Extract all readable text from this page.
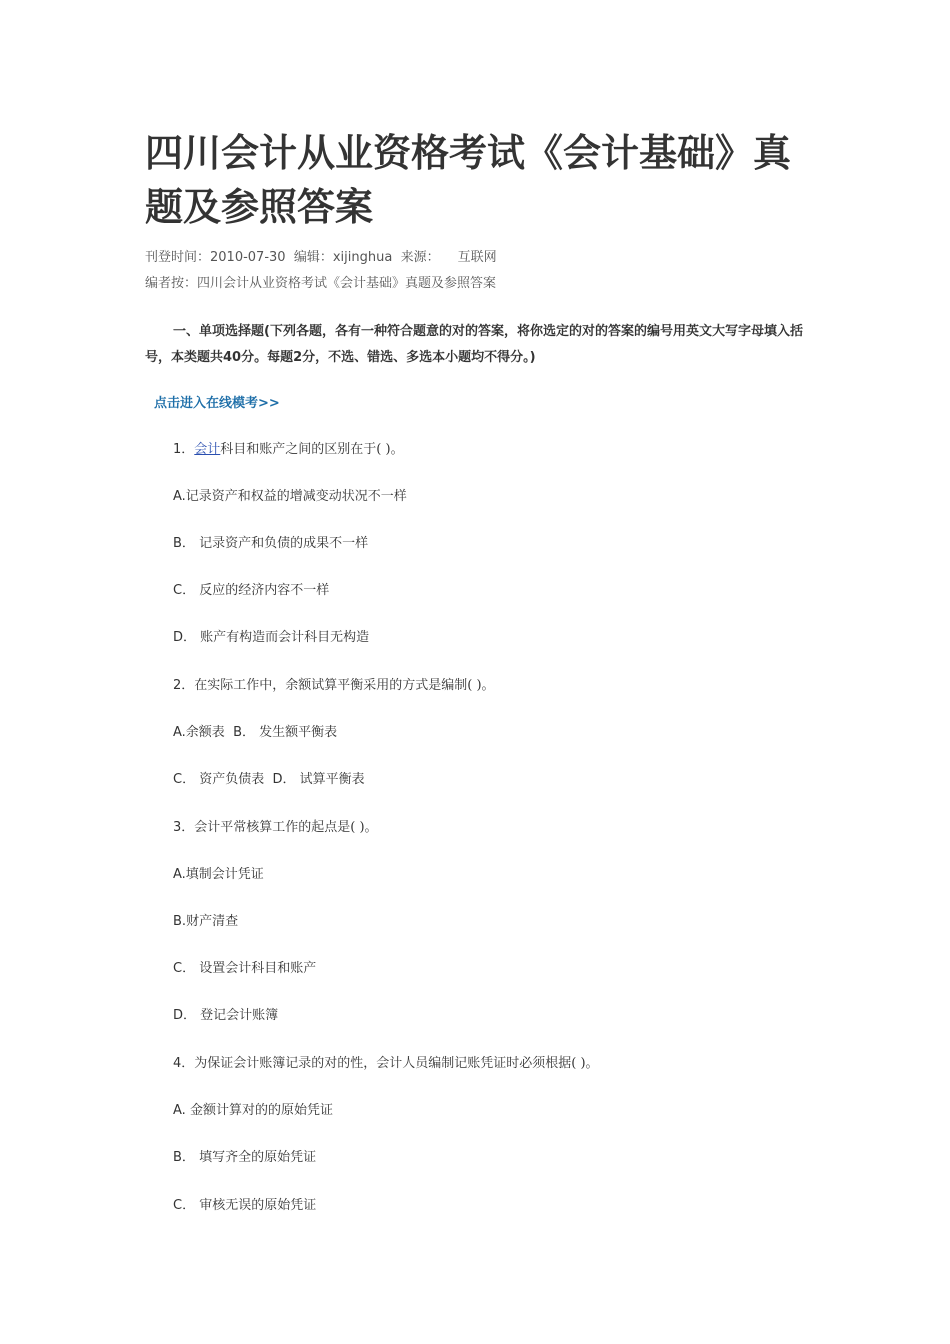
四川会计从业资格考试《会计基础》真题及参照答案
刊登时间：2010-07-30 编辑：xijinghua 来源： 互联网
编者按：四川会计从业资格考试《会计基础》真题及参照答案
一、单项选择题(下列各题，各有一种符合题意的对的答案，将你选定的对的答案的编号用英文大写字母填入括号，本类题共40分。每题2分，不选、错选、多选本小题均不得分。)
点击进入在线模考>>
1．会计科目和账产之间的区别在于( )。
A.记录资产和权益的增减变动状况不一样
B． 记录资产和负债的成果不一样
C． 反应的经济内容不一样
D． 账产有构造而会计科目无构造
2．在实际工作中，余额试算平衡采用的方式是编制( )。
A.余额表 B． 发生额平衡表
C． 资产负债表 D． 试算平衡表
3．会计平常核算工作的起点是( )。
A.填制会计凭证
B.财产清查
C． 设置会计科目和账产
D． 登记会计账簿
4．为保证会计账簿记录的对的性，会计人员编制记账凭证时必须根据( )。
A. 金额计算对的的原始凭证
B． 填写齐全的原始凭证
C． 审核无误的原始凭证
